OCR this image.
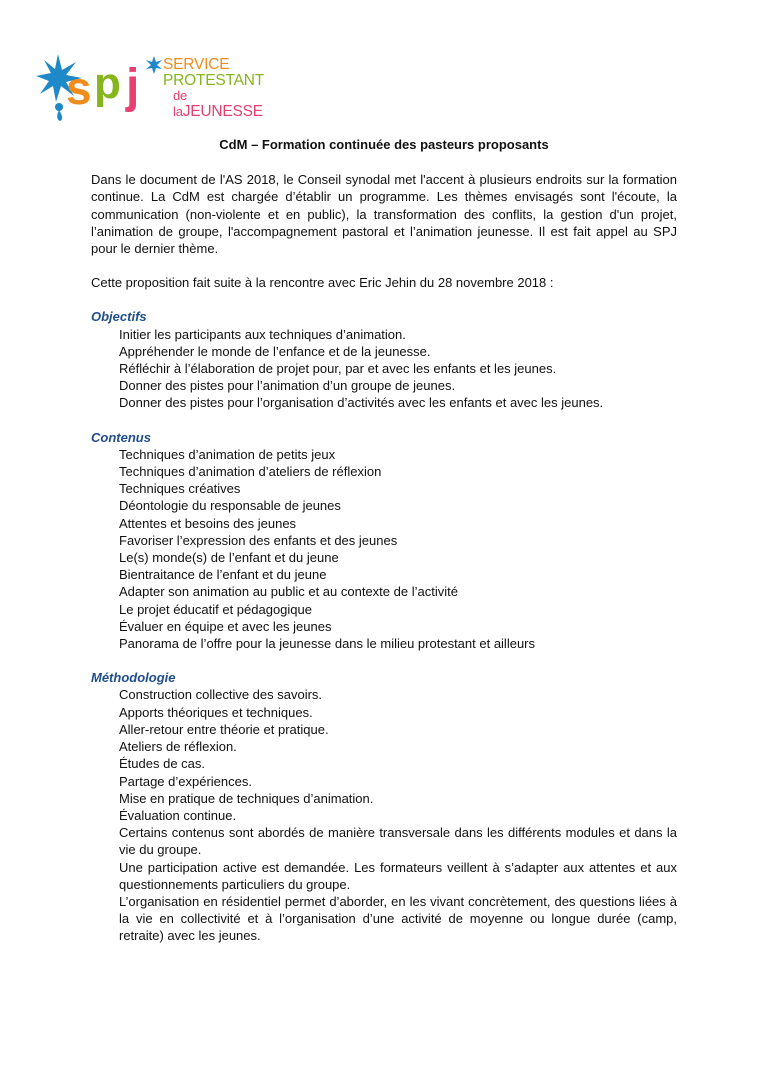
s p j SERVICE
PROTESTANT
de laJEUNESSE
CdM – Formation continuée des pasteurs proposants

Dans le document de l'AS 2018, le Conseil synodal met l'accent à plusieurs endroits sur la formation continue. La CdM est chargée d’établir un programme. Les thèmes envisagés sont l'écoute, la communication (non-violente et en public), la transformation des conflits, la gestion d'un projet, l’animation de groupe, l'accompagnement pastoral et l’animation jeunesse. Il est fait appel au SPJ pour le dernier thème.

Cette proposition fait suite à la rencontre avec Eric Jehin du 28 novembre 2018 :

Objectifs
Initier les participants aux techniques d’animation.
Appréhender le monde de l’enfance et de la jeunesse.
Réfléchir à l’élaboration de projet pour, par et avec les enfants et les jeunes.
Donner des pistes pour l’animation d’un groupe de jeunes.
Donner des pistes pour l’organisation d’activités avec les enfants et avec les jeunes.
Contenus
Techniques d’animation de petits jeux
Techniques d’animation d’ateliers de réflexion
Techniques créatives
Déontologie du responsable de jeunes
Attentes et besoins des jeunes
Favoriser l’expression des enfants et des jeunes
Le(s) monde(s) de l’enfant et du jeune
Bientraitance de l’enfant et du jeune
Adapter son animation au public et au contexte de l’activité
Le projet éducatif et pédagogique
Évaluer en équipe et avec les jeunes
Panorama de l’offre pour la jeunesse dans le milieu protestant et ailleurs
Méthodologie
Construction collective des savoirs.
Apports théoriques et techniques.
Aller-retour entre théorie et pratique.
Ateliers de réflexion.
Études de cas.
Partage d’expériences.
Mise en pratique de techniques d’animation.
Évaluation continue.
Certains contenus sont abordés de manière transversale dans les différents modules et dans la vie du groupe.
Une participation active est demandée. Les formateurs veillent à s’adapter aux attentes et aux questionnements particuliers du groupe.
L’organisation en résidentiel permet d’aborder, en les vivant concrètement, des questions liées à la vie en collectivité et à l’organisation d’une activité de moyenne ou longue durée (camp, retraite) avec les jeunes.
